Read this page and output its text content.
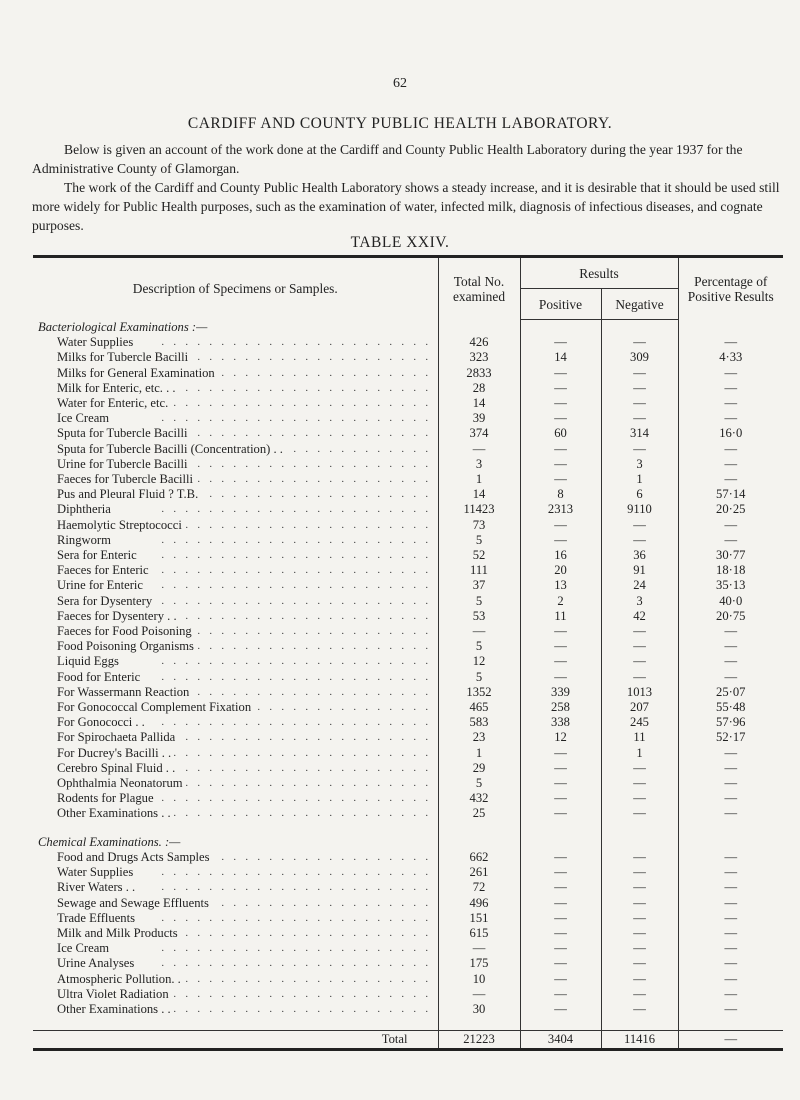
62
CARDIFF AND COUNTY PUBLIC HEALTH LABORATORY.
Below is given an account of the work done at the Cardiff and County Public Health Laboratory during the year 1937 for the Administrative County of Glamorgan.
The work of the Cardiff and County Public Health Laboratory shows a steady increase, and it is desirable that it should be used still more widely for Public Health purposes, such as the examination of water, infected milk, diagnosis of infectious diseases, and cognate purposes.
TABLE XXIV.
Description of Specimens or Samples.	Total No. examined	Results		Percentage of Positive Results
		Positive	Negative	
Bacteriological Examinations :—				
Water Supplies . . .	426	—	—	—
Milks for Tubercle Bacilli . . .	323	14	309	4·33
Milks for General Examination . . .	2833	—	—	—
Milk for Enteric, etc. . . . . .	28	—	—	—
Water for Enteric, etc. . . .	14	—	—	—
Ice Cream . . .	39	—	—	—
Sputa for Tubercle Bacilli . . .	374	60	314	16·0
Sputa for Tubercle Bacilli (Concentration) . . . . .	—	—	—	—
Urine for Tubercle Bacilli . . .	3	—	3	—
Faeces for Tubercle Bacilli . . .	1	—	1	—
Pus and Pleural Fluid ? T.B. . . .	14	8	6	57·14
Diphtheria . . .	11423	2313	9110	20·25
Haemolytic Streptococci . . .	73	—	—	—
Ringworm . . .	5	—	—	—
Sera for Enteric . . .	52	16	36	30·77
Faeces for Enteric . . .	111	20	91	18·18
Urine for Enteric . . .	37	13	24	35·13
Sera for Dysentery . . .	5	2	3	40·0
Faeces for Dysentery . . . . .	53	11	42	20·75
Faeces for Food Poisoning . . .	—	—	—	—
Food Poisoning Organisms . . .	5	—	—	—
Liquid Eggs . . .	12	—	—	—
Food for Enteric . . .	5	—	—	—
For Wassermann Reaction . . .	1352	339	1013	25·07
For Gonococcal Complement Fixation . . .	465	258	207	55·48
For Gonococci . . . . .	583	338	245	57·96
For Spirochaeta Pallida . . .	23	12	11	52·17
For Ducrey's Bacilli . . . . .	1	—	1	—
Cerebro Spinal Fluid . . . . .	29	—	—	—
Ophthalmia Neonatorum . . .	5	—	—	—
Rodents for Plague . . .	432	—	—	—
Other Examinations . . . . .	25	—	—	—

Chemical Examinations. :—				
Food and Drugs Acts Samples . . .	662	—	—	—
Water Supplies . . .	261	—	—	—
River Waters . . . . .	72	—	—	—
Sewage and Sewage Effluents . . .	496	—	—	—
Trade Effluents . . .	151	—	—	—
Milk and Milk Products . . .	615	—	—	—
Ice Cream . . .	—	—	—	—
Urine Analyses . . .	175	—	—	—
Atmospheric Pollution. . . . .	10	—	—	—
Ultra Violet Radiation . . .	—	—	—	—
Other Examinations . . . . .	30	—	—	—

Total	21223	3404	11416	—
